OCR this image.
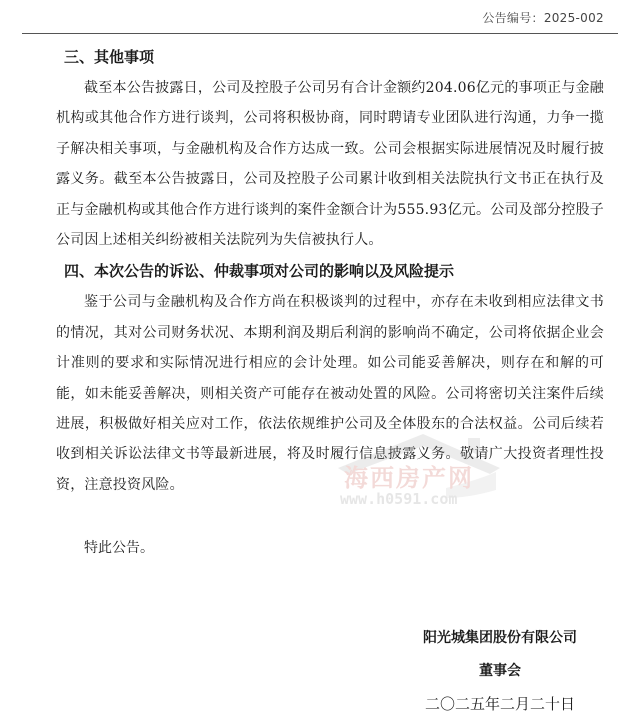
公告编号：2025-002
三、其他事项

截至本公告披露日，公司及控股子公司另有合计金额约204.06亿元的事项正与金融机构或其他合作方进行谈判，公司将积极协商，同时聘请专业团队进行沟通，力争一揽子解决相关事项，与金融机构及合作方达成一致。公司会根据实际进展情况及时履行披露义务。截至本公告披露日，公司及控股子公司累计收到相关法院执行文书正在执行及正与金融机构或其他合作方进行谈判的案件金额合计为555.93亿元。公司及部分控股子公司因上述相关纠纷被相关法院列为失信被执行人。

四、本次公告的诉讼、仲裁事项对公司的影响以及风险提示

鉴于公司与金融机构及合作方尚在积极谈判的过程中，亦存在未收到相应法律文书的情况，其对公司财务状况、本期利润及期后利润的影响尚不确定，公司将依据企业会计准则的要求和实际情况进行相应的会计处理。如公司能妥善解决，则存在和解的可能，如未能妥善解决，则相关资产可能存在被动处置的风险。公司将密切关注案件后续进展，积极做好相关应对工作，依法依规维护公司及全体股东的合法权益。公司后续若收到相关诉讼法律文书等最新进展，将及时履行信息披露义务。敬请广大投资者理性投资，注意投资风险。

特此公告。

阳光城集团股份有限公司
董事会
二〇二五年二月二十日
海西房产网
www.h0591.com
